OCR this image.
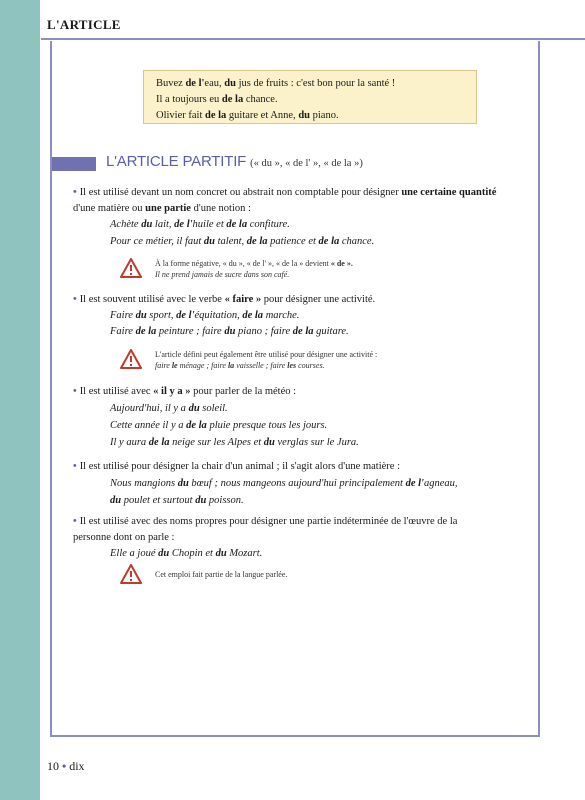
L'ARTICLE
Buvez de l'eau, du jus de fruits : c'est bon pour la santé !
Il a toujours eu de la chance.
Olivier fait de la guitare et Anne, du piano.
L'ARTICLE PARTITIF (« du », « de l' », « de la »)
• Il est utilisé devant un nom concret ou abstrait non comptable pour désigner une certaine quantité d'une matière ou une partie d'une notion :
Achète du lait, de l'huile et de la confiture.
Pour ce métier, il faut du talent, de la patience et de la chance.
À la forme négative, « du », « de l' », « de la » devient « de ».
Il ne prend jamais de sucre dans son café.
• Il est souvent utilisé avec le verbe « faire » pour désigner une activité.
Faire du sport, de l'équitation, de la marche.
Faire de la peinture ; faire du piano ; faire de la guitare.
L'article défini peut également être utilisé pour désigner une activité :
faire le ménage ; faire la vaisselle ; faire les courses.
• Il est utilisé avec « il y a » pour parler de la météo :
Aujourd'hui, il y a du soleil.
Cette année il y a de la pluie presque tous les jours.
Il y aura de la neige sur les Alpes et du verglas sur le Jura.
• Il est utilisé pour désigner la chair d'un animal ; il s'agit alors d'une matière :
Nous mangions du bœuf ; nous mangeons aujourd'hui principalement de l'agneau,
du poulet et surtout du poisson.
• Il est utilisé avec des noms propres pour désigner une partie indéterminée de l'œuvre de la
personne dont on parle :
Elle a joué du Chopin et du Mozart.
Cet emploi fait partie de la langue parlée.
10 • dix
